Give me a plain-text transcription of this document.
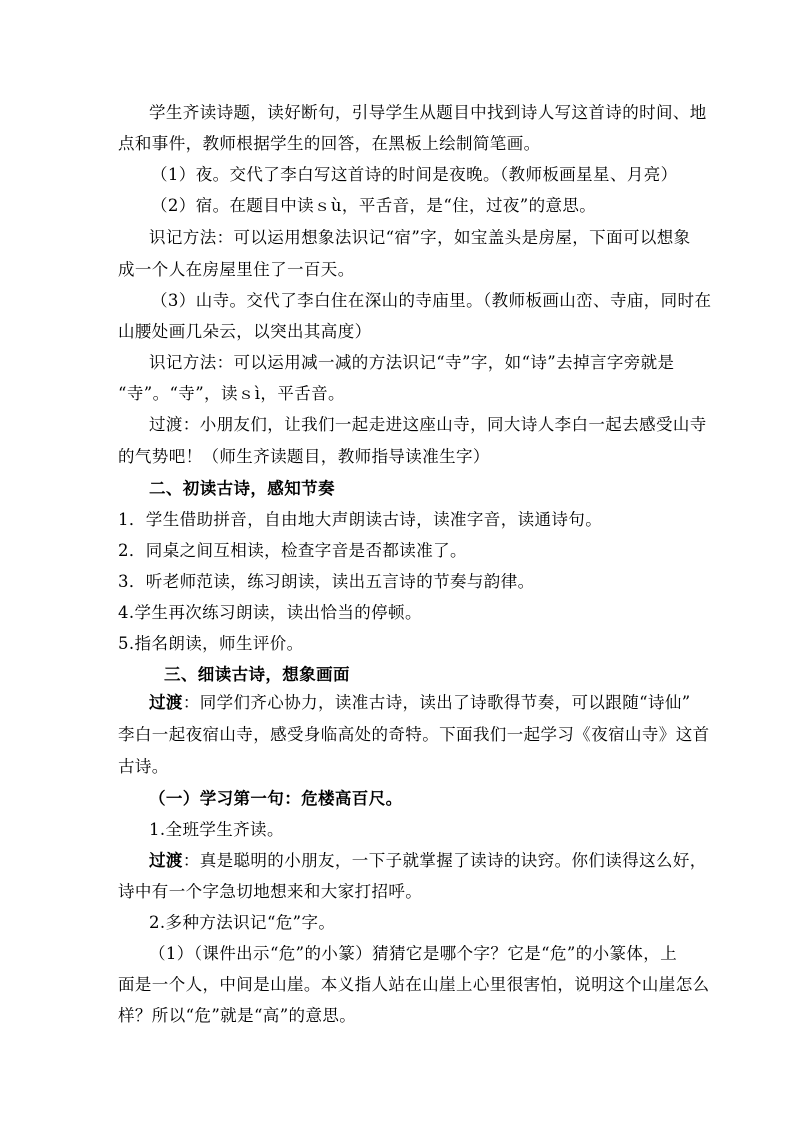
学生齐读诗题，读好断句，引导学生从题目中找到诗人写这首诗的时间、地
点和事件，教师根据学生的回答，在黑板上绘制简笔画。
（1）夜。交代了李白写这首诗的时间是夜晚。（教师板画星星、月亮）
（2）宿。在题目中读ｓù，平舌音，是“住，过夜”的意思。
识记方法：可以运用想象法识记“宿”字，如宝盖头是房屋，下面可以想象
成一个人在房屋里住了一百天。
（3）山寺。交代了李白住在深山的寺庙里。（教师板画山峦、寺庙，同时在
山腰处画几朵云，以突出其高度）
识记方法：可以运用减一减的方法识记“寺”字，如“诗”去掉言字旁就是
“寺”。“寺”，读ｓì，平舌音。
过渡：小朋友们，让我们一起走进这座山寺，同大诗人李白一起去感受山寺
的气势吧！（师生齐读题目，教师指导读准生字）
二、初读古诗，感知节奏
1．学生借助拼音，自由地大声朗读古诗，读准字音，读通诗句。
2．同桌之间互相读，检查字音是否都读准了。
3．听老师范读，练习朗读，读出五言诗的节奏与韵律。
4.学生再次练习朗读，读出恰当的停顿。
5.指名朗读，师生评价。
三、细读古诗，想象画面
过渡：同学们齐心协力，读准古诗，读出了诗歌得节奏，可以跟随“诗仙”
李白一起夜宿山寺，感受身临高处的奇特。下面我们一起学习《夜宿山寺》这首
古诗。
（一）学习第一句：危楼高百尺。
1.全班学生齐读。
过渡：真是聪明的小朋友，一下子就掌握了读诗的诀窍。你们读得这么好，
诗中有一个字急切地想来和大家打招呼。
2.多种方法识记“危”字。
（1）（课件出示“危”的小篆）猜猜它是哪个字？它是“危”的小篆体，上
面是一个人，中间是山崖。本义指人站在山崖上心里很害怕，说明这个山崖怎么
样？所以“危”就是“高”的意思。
